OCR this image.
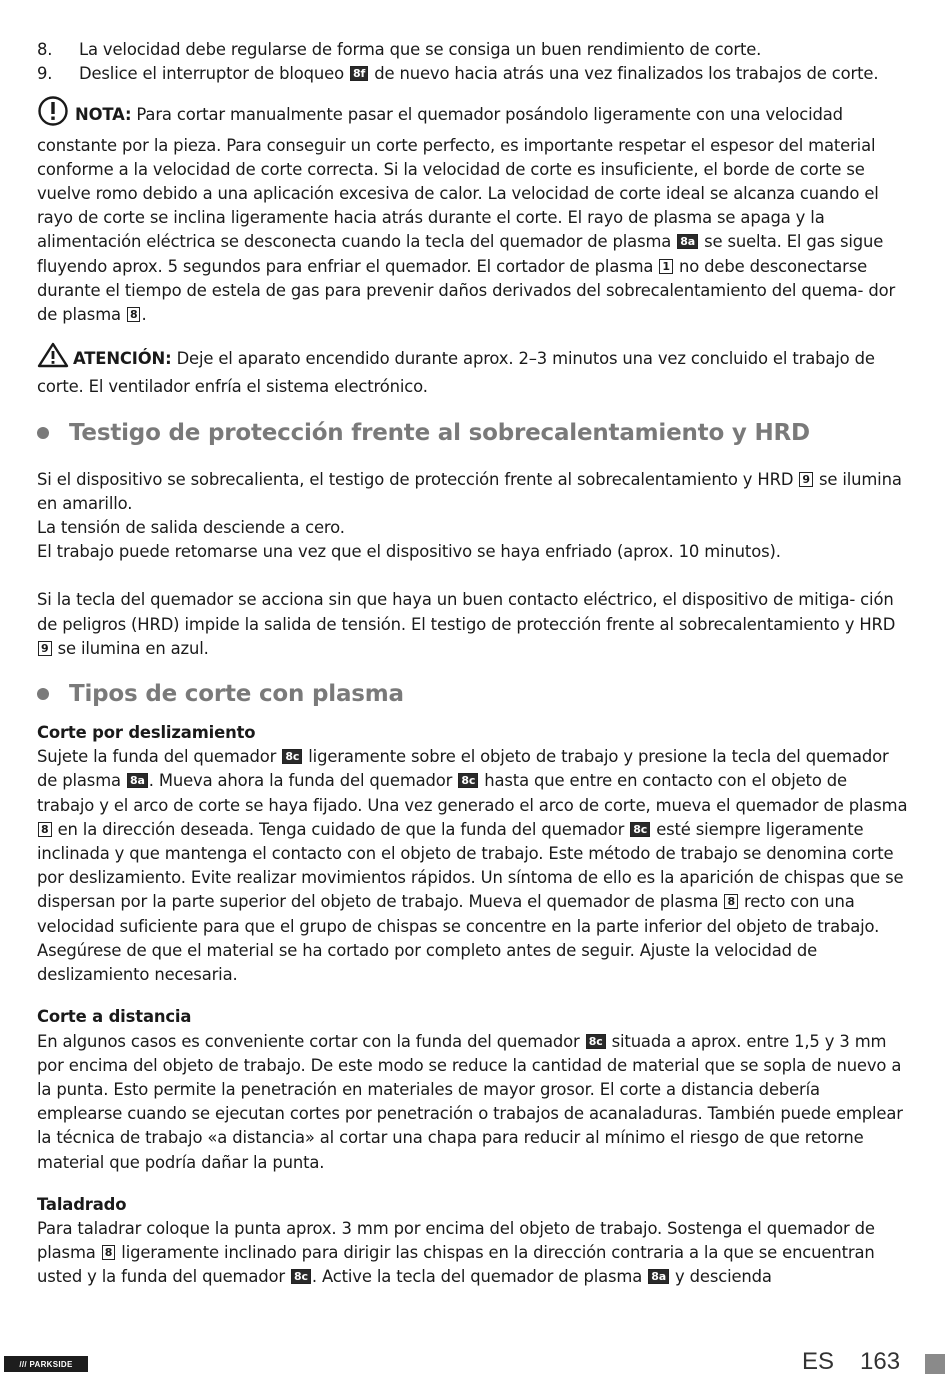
8.	La velocidad debe regularse de forma que se consiga un buen rendimiento de corte.
9.	Deslice el interruptor de bloqueo 8f de nuevo hacia atrás una vez finalizados los trabajos de corte.

NOTA: Para cortar manualmente pasar el quemador posándolo ligeramente con una velocidad constante por la pieza. Para conseguir un corte perfecto, es importante respetar el espesor del material conforme a la velocidad de corte correcta. Si la velocidad de corte es insuficiente, el borde de corte se vuelve romo debido a una aplicación excesiva de calor. La velocidad de corte ideal se alcanza cuando el rayo de corte se inclina ligeramente hacia atrás durante el corte. El rayo de plasma se apaga y la alimentación eléctrica se desconecta cuando la tecla del quemador de plasma 8a se suelta. El gas sigue fluyendo aprox. 5 segundos para enfriar el quemador. El cortador de plasma 1 no debe desconectarse durante el tiempo de estela de gas para prevenir daños derivados del sobrecalentamiento del quema- dor de plasma 8 .

ATENCIÓN: Deje el aparato encendido durante aprox. 2–3 minutos una vez concluido el trabajo de corte. El ventilador enfría el sistema electrónico.

Testigo de protección frente al sobrecalentamiento y HRD

Si el dispositivo se sobrecalienta, el testigo de protección frente al sobrecalentamiento y HRD 9 se ilumina en amarillo.

La tensión de salida desciende a cero.

El trabajo puede retomarse una vez que el dispositivo se haya enfriado (aprox. 10 minutos).

Si la tecla del quemador se acciona sin que haya un buen contacto eléctrico, el dispositivo de mitiga- ción de peligros (HRD) impide la salida de tensión. El testigo de protección frente al sobrecalentamiento y HRD 9 se ilumina en azul.

Tipos de corte con plasma

Corte por deslizamiento

Sujete la funda del quemador 8c ligeramente sobre el objeto de trabajo y presione la tecla del quemador de plasma 8a . Mueva ahora la funda del quemador 8c hasta que entre en contacto con el objeto de trabajo y el arco de corte se haya fijado. Una vez generado el arco de corte, mueva el quemador de plasma 8 en la dirección deseada. Tenga cuidado de que la funda del quemador 8c esté siempre ligeramente inclinada y que mantenga el contacto con el objeto de trabajo. Este método de trabajo se denomina corte por deslizamiento. Evite realizar movimientos rápidos. Un síntoma de ello es la aparición de chispas que se dispersan por la parte superior del objeto de trabajo. Mueva el quemador de plasma 8 recto con una velocidad suficiente para que el grupo de chispas se concentre en la parte inferior del objeto de trabajo. Asegúrese de que el material se ha cortado por completo antes de seguir. Ajuste la velocidad de deslizamiento necesaria.

Corte a distancia

En algunos casos es conveniente cortar con la funda del quemador 8c situada a aprox. entre 1,5 y 3 mm por encima del objeto de trabajo. De este modo se reduce la cantidad de material que se sopla de nuevo a la punta. Esto permite la penetración en materiales de mayor grosor. El corte a distancia debería emplearse cuando se ejecutan cortes por penetración o trabajos de acanaladuras. También puede emplear la técnica de trabajo «a distancia» al cortar una chapa para reducir al mínimo el riesgo de que retorne material que podría dañar la punta.

Taladrado

Para taladrar coloque la punta aprox. 3 mm por encima del objeto de trabajo. Sostenga el quemador de plasma 8 ligeramente inclinado para dirigir las chispas en la dirección contraria a la que se encuentran usted y la funda del quemador 8c . Active la tecla del quemador de plasma 8a y descienda

/// PARKSIDE	ES 163
